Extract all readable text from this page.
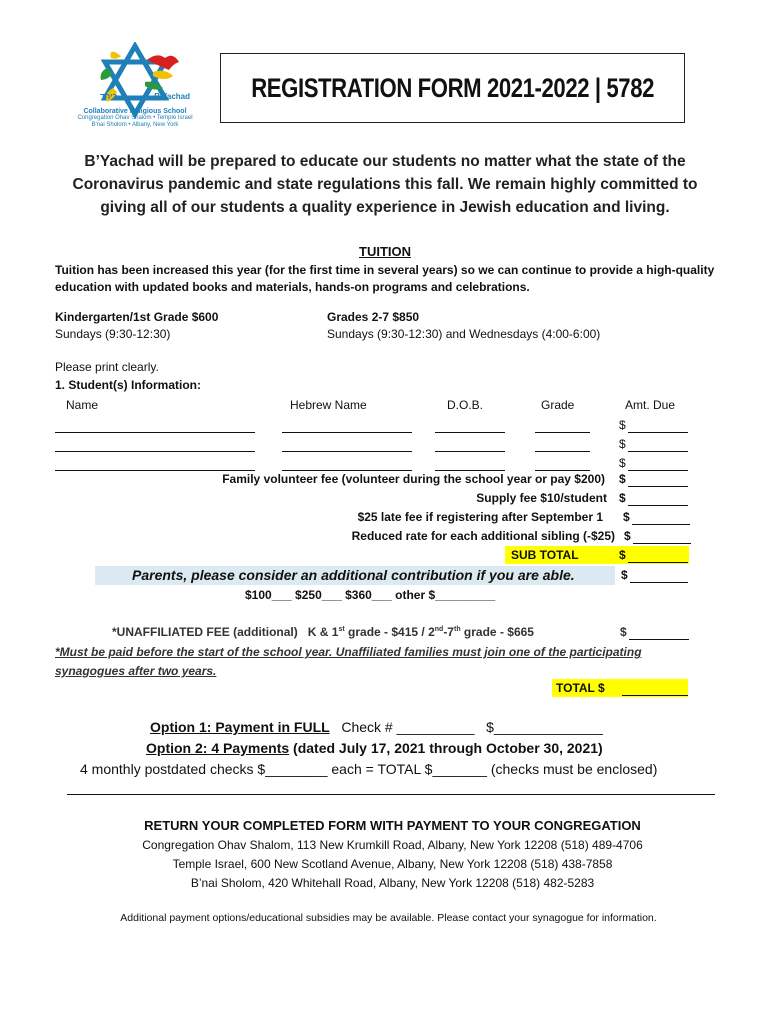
ביחד	B'Yachad
Collaborative Religious School
Congregation Ohav Shalom • Temple Israel
B'nai Sholom • Albany, New York
REGISTRATION FORM 2021-2022 | 5782
B’Yachad will be prepared to educate our students no matter what the state of the Coronavirus pandemic and state regulations this fall. We remain highly committed to giving all of our students a quality experience in Jewish education and living.
TUITION
Tuition has been increased this year (for the first time in several years) so we can continue to provide a high-quality education with updated books and materials, hands-on programs and celebrations.
Kindergarten/1st Grade $600
Sundays (9:30-12:30)
Grades 2-7 $850
Sundays (9:30-12:30) and Wednesdays (4:00-6:00)
Please print clearly.
1. Student(s) Information:
Name	Hebrew Name	D.O.B.	Grade	Amt. Due
$
$
$
Family volunteer fee (volunteer during the school year or pay $200) $
Supply fee $10/student $
$25 late fee if registering after September 1 $
Reduced rate for each additional sibling (-$25) $
SUB TOTAL	$
Parents, please consider an additional contribution if you are able.	$
$100___ $250___ $360___ other $_________
*UNAFFILIATED FEE (additional) K & 1st grade - $415 / 2nd-7th grade - $665	$
*Must be paid before the start of the school year. Unaffiliated families must join one of the participating synagogues after two years.
TOTAL $
Option 1: Payment in FULL   Check # __________   $______________
Option 2: 4 Payments (dated July 17, 2021 through October 30, 2021)
4 monthly postdated checks $________ each = TOTAL $_______ (checks must be enclosed)
RETURN YOUR COMPLETED FORM WITH PAYMENT TO YOUR CONGREGATION
Congregation Ohav Shalom, 113 New Krumkill Road, Albany, New York 12208 (518) 489-4706
Temple Israel, 600 New Scotland Avenue, Albany, New York 12208 (518) 438-7858
B’nai Sholom, 420 Whitehall Road, Albany, New York 12208 (518) 482-5283
Additional payment options/educational subsidies may be available. Please contact your synagogue for information.
